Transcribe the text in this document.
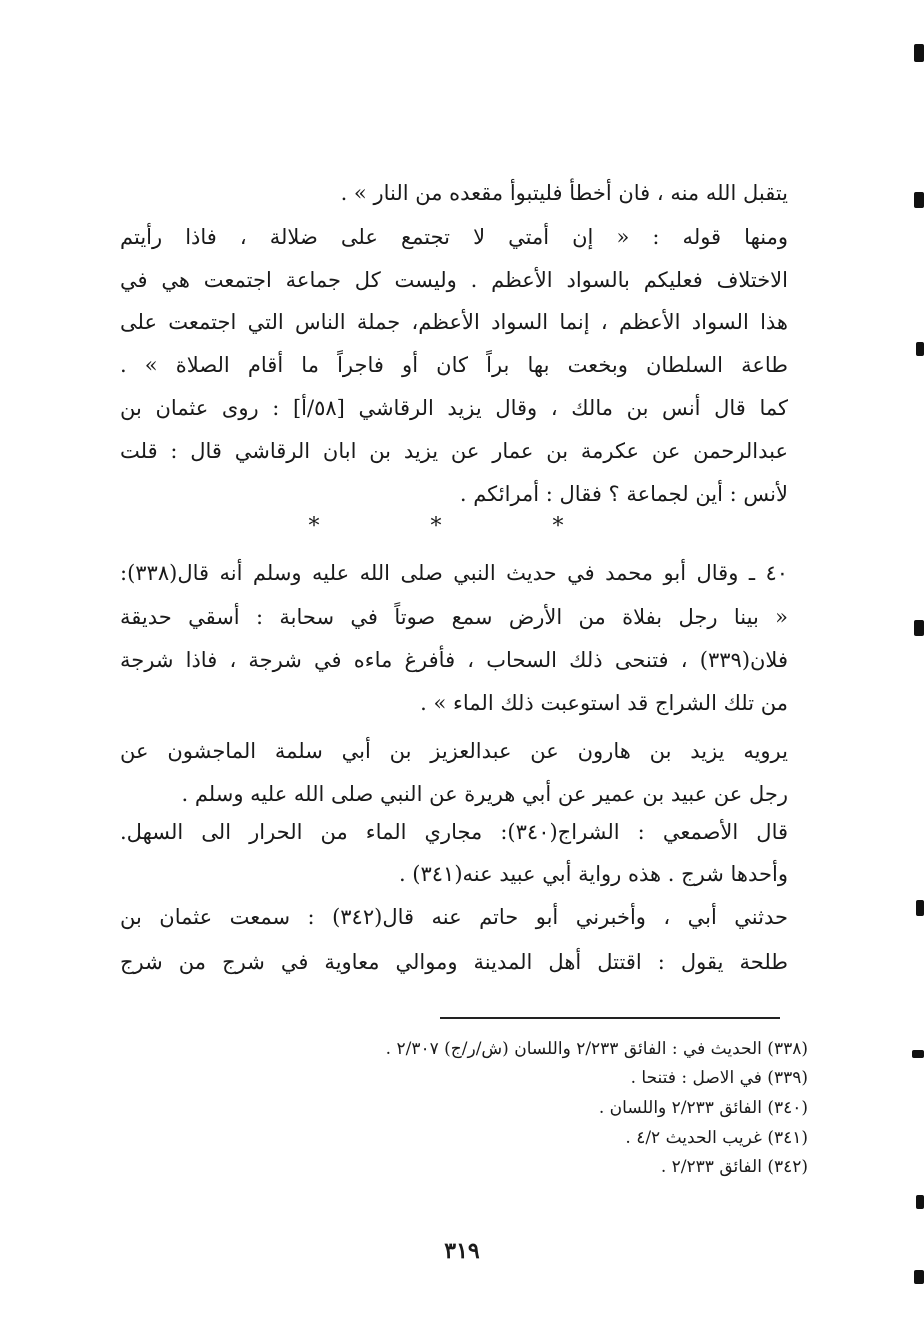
يتقبل الله منه ، فان أخطأ فليتبوأ مقعده من النار » .
ومنها قوله : « إن أمتي لا تجتمع على ضلالة ، فاذا رأيتم
الاختلاف فعليكم بالسواد الأعظم . وليست كل جماعة اجتمعت هي في
هذا السواد الأعظم ، إنما السواد الأعظم، جملة الناس التي اجتمعت على
طاعة السلطان وبخعت بها براً كان أو فاجراً ما أقام الصلاة » .
كما قال أنس بن مالك ، وقال يزيد الرقاشي [٥٨/أ] : روى عثمان بن
عبدالرحمن عن عكرمة بن عمار عن يزيد بن ابان الرقاشي قال : قلت
لأنس : أين لجماعة ؟ فقال : أمرائكم .
* * *
٤٠ ـ وقال أبو محمد في حديث النبي صلى الله عليه وسلم أنه قال(٣٣٨):
« بينا رجل بفلاة من الأرض سمع صوتاً في سحابة : أسقي حديقة
فلان(٣٣٩) ، فتنحى ذلك السحاب ، فأفرغ ماءه في شرجة ، فاذا شرجة
من تلك الشراج قد استوعبت ذلك الماء » .
يرويه يزيد بن هارون عن عبدالعزيز بن أبي سلمة الماجشون عن
رجل عن عبيد بن عمير عن أبي هريرة عن النبي صلى الله عليه وسلم .
قال الأصمعي : الشراج(٣٤٠): مجاري الماء من الحرار الى السهل.
وأحدها شرج . هذه رواية أبي عبيد عنه(٣٤١) .
حدثني أبي ، وأخبرني أبو حاتم عنه قال(٣٤٢) : سمعت عثمان بن
طلحة يقول : اقتتل أهل المدينة وموالي معاوية في شرج من شرج
(٣٣٨) الحديث في : الفائق ٢/٢٣٣ واللسان (ش/ر/ج) ٢/٣٠٧ .
(٣٣٩) في الاصل : فتنحا .
(٣٤٠) الفائق ٢/٢٣٣ واللسان .
(٣٤١) غريب الحديث ٤/٢ .
(٣٤٢) الفائق ٢/٢٣٣ .
٣١٩
